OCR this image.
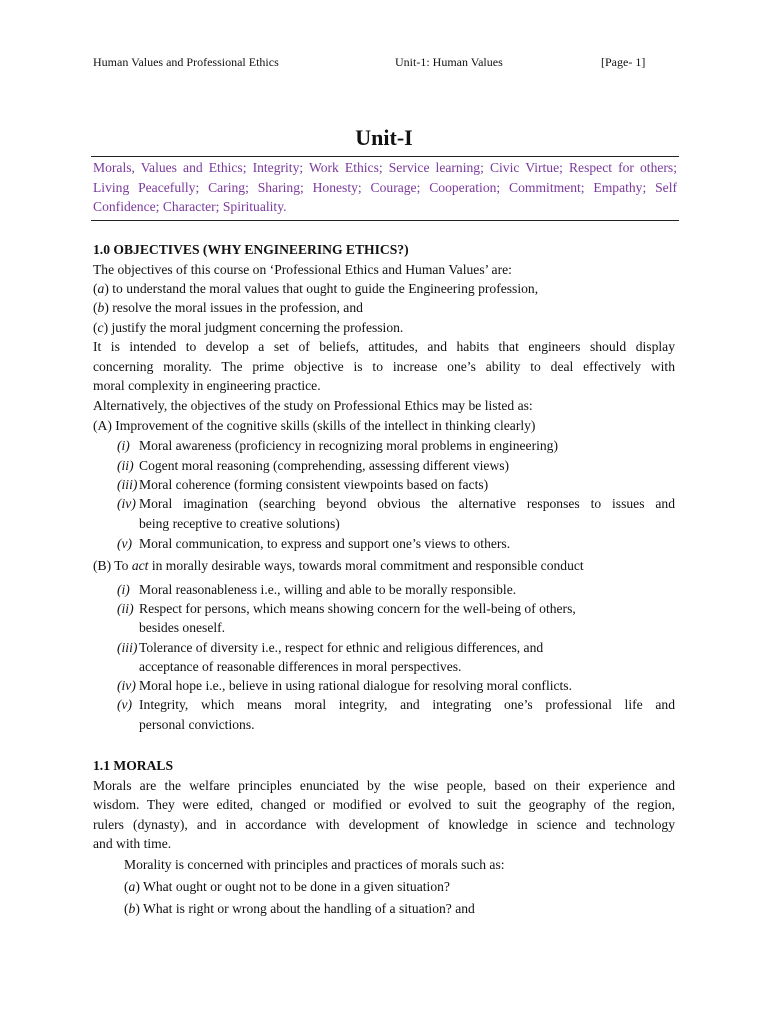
Human Values and Professional Ethics	Unit-1: Human Values	[Page- 1]
Unit-I
Morals, Values and Ethics; Integrity; Work Ethics; Service learning; Civic Virtue; Respect for others; Living Peacefully; Caring; Sharing; Honesty; Courage; Cooperation; Commitment; Empathy; Self Confidence; Character; Spirituality.
1.0 OBJECTIVES (WHY ENGINEERING ETHICS?)
The objectives of this course on ‘Professional Ethics and Human Values’ are:
(a) to understand the moral values that ought to guide the Engineering profession,
(b) resolve the moral issues in the profession, and
(c) justify the moral judgment concerning the profession.
It is intended to develop a set of beliefs, attitudes, and habits that engineers should display
concerning morality. The prime objective is to increase one’s ability to deal effectively with
moral complexity in engineering practice.
Alternatively, the objectives of the study on Professional Ethics may be listed as:
(A) Improvement of the cognitive skills (skills of the intellect in thinking clearly)
(i) Moral awareness (proficiency in recognizing moral problems in engineering)
(ii) Cogent moral reasoning (comprehending, assessing different views)
(iii) Moral coherence (forming consistent viewpoints based on facts)
(iv) Moral imagination (searching beyond obvious the alternative responses to issues and
being receptive to creative solutions)
(v) Moral communication, to express and support one’s views to others.
(B) To act in morally desirable ways, towards moral commitment and responsible conduct
(i) Moral reasonableness i.e., willing and able to be morally responsible.
(ii) Respect for persons, which means showing concern for the well-being of others,
besides oneself.
(iii) Tolerance of diversity i.e., respect for ethnic and religious differences, and
acceptance of reasonable differences in moral perspectives.
(iv) Moral hope i.e., believe in using rational dialogue for resolving moral conflicts.
(v) Integrity, which means moral integrity, and integrating one’s professional life and
personal convictions.
1.1 MORALS
Morals are the welfare principles enunciated by the wise people, based on their experience and
wisdom. They were edited, changed or modified or evolved to suit the geography of the region,
rulers (dynasty), and in accordance with development of knowledge in science and technology
and with time.
Morality is concerned with principles and practices of morals such as:
(a) What ought or ought not to be done in a given situation?
(b) What is right or wrong about the handling of a situation? and
